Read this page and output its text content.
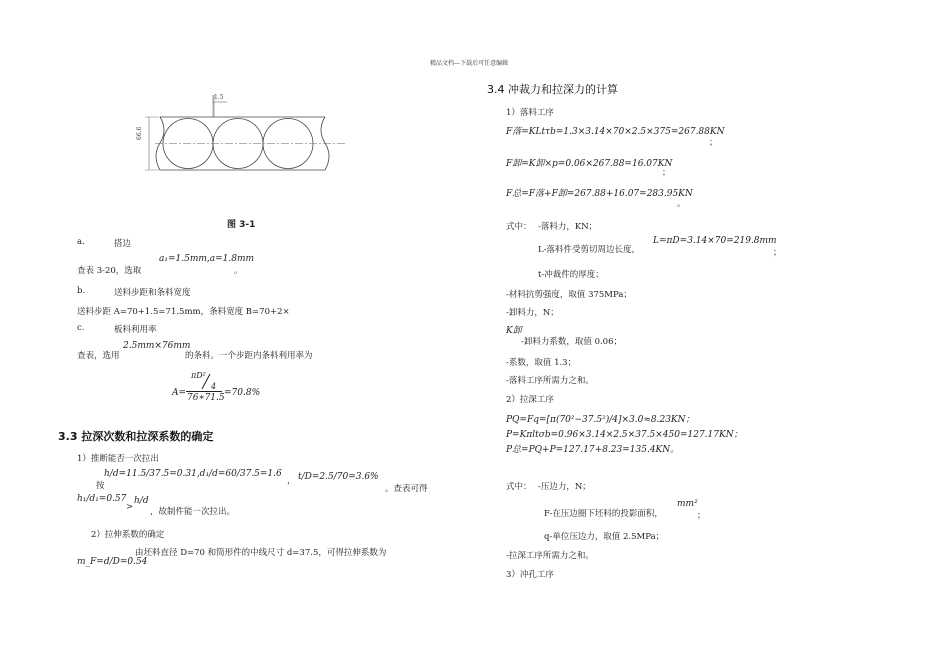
精品文档---下载后可任意编辑
1.5
66.6
图 3-1
a.	搭边
a₁=1.5mm,a=1.8mm
查表 3-20，选取	。
b.	送料步距和条料宽度
送料步距 A=70+1.5=71.5mm，条料宽度 B=70+2×
c.	板料利用率
2.5mm×76mm
查表，选用	的条料。一个步距内条料利用率为
πD²
4
A= 76∗71.5 =70.8%
3.3 拉深次数和拉深系数的确定
1）推断能否一次拉出
h/d=11.5/37.5=0.31,d₁/d=60/37.5=1.6
按	， t/D=2.5/70=3.6%
。查表可得
h₁/d₁=0.57
>
h/d
，故制件能一次拉出。
2）拉伸系数的确定
由坯料直径 D=70 和筒形件的中线尺寸 d=37.5，可得拉伸系数为
m_F=d/D=0.54
3.4 冲裁力和拉深力的计算
1）落料工序
F落=KLtτb=1.3×3.14×70×2.5×375=267.88KN
；
F卸=K卸×p=0.06×267.88=16.07KN
；
F总=F落+F卸=267.88+16.07=283.95KN
。
式中： -落料力，KN；
L-落料件受剪切周边长度，
L=πD=3.14×70=219.8mm
；
t-冲裁件的厚度；
-材料抗剪强度，取值 375MPa；
-卸料力，N；
K卸
-卸料力系数，取值 0.06；
-系数，取值 1.3；
-落料工序所需力之和。
2）拉深工序
PQ=Fq=[π(70²−37.5²)/4]×3.0≈8.23KN；
P=Kπltσb=0.96×3.14×2.5×37.5×450=127.17KN；
P总=PQ+P=127.17+8.23=135.4KN。
式中： -压边力，N；
mm²
F-在压边圈下坯料的投影面积，	；
q-单位压边力，取值 2.5MPa；
-拉深工序所需力之和。
3）冲孔工序
